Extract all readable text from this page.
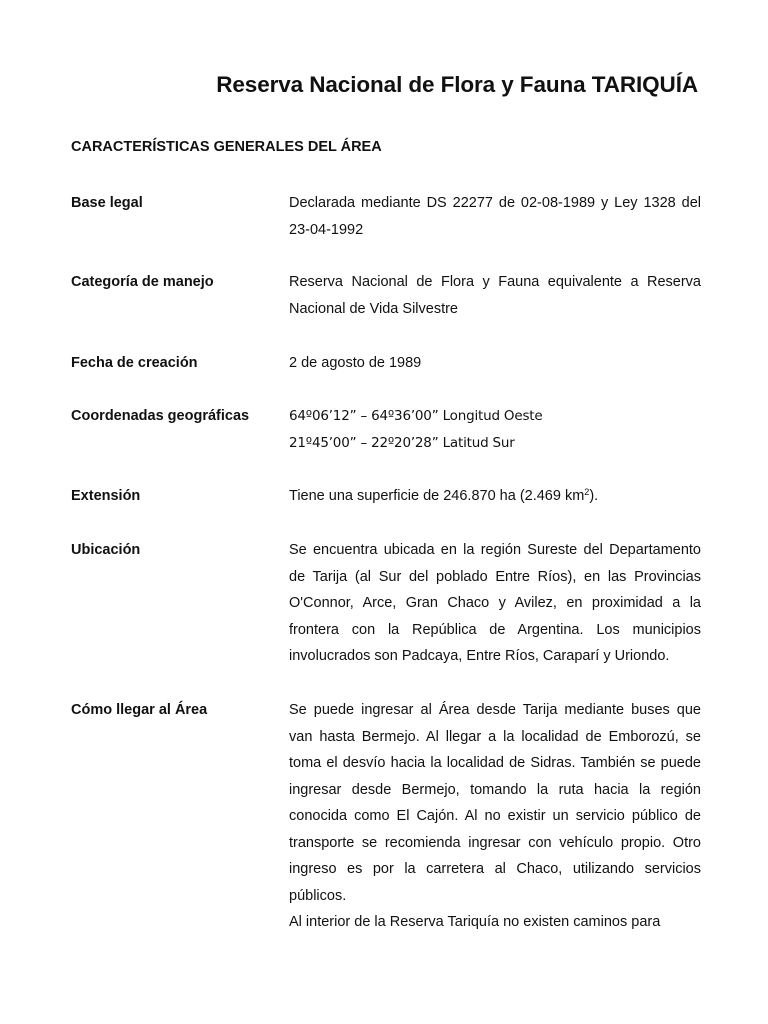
Reserva Nacional de Flora y Fauna TARIQUÍA
CARACTERÍSTICAS GENERALES DEL ÁREA
Base legal	Declarada mediante DS 22277 de 02-08-1989 y Ley 1328 del 23-04-1992
Categoría de manejo	Reserva Nacional de Flora y Fauna equivalente a Reserva Nacional de Vida Silvestre
Fecha de creación	2 de agosto de 1989
Coordenadas geográficas	64º06’12” – 64º36’00” Longitud Oeste
21º45’00” – 22º20’28” Latitud Sur
Extensión	Tiene una superficie de 246.870 ha (2.469 $km^2$).
Ubicación	Se encuentra ubicada en la región Sureste del Departamento de Tarija (al Sur del poblado Entre Ríos), en las Provincias O'Connor, Arce, Gran Chaco y Avilez, en proximidad a la frontera con la República de Argentina. Los municipios involucrados son Padcaya, Entre Ríos, Caraparí y Uriondo.
Cómo llegar al Área	Se puede ingresar al Área desde Tarija mediante buses que van hasta Bermejo. Al llegar a la localidad de Emborozú, se toma el desvío hacia la localidad de Sidras. También se puede ingresar desde Bermejo, tomando la ruta hacia la región conocida como El Cajón. Al no existir un servicio público de transporte se recomienda ingresar con vehículo propio. Otro ingreso es por la carretera al Chaco, utilizando servicios públicos.

Al interior de la Reserva Tariquía no existen caminos para
